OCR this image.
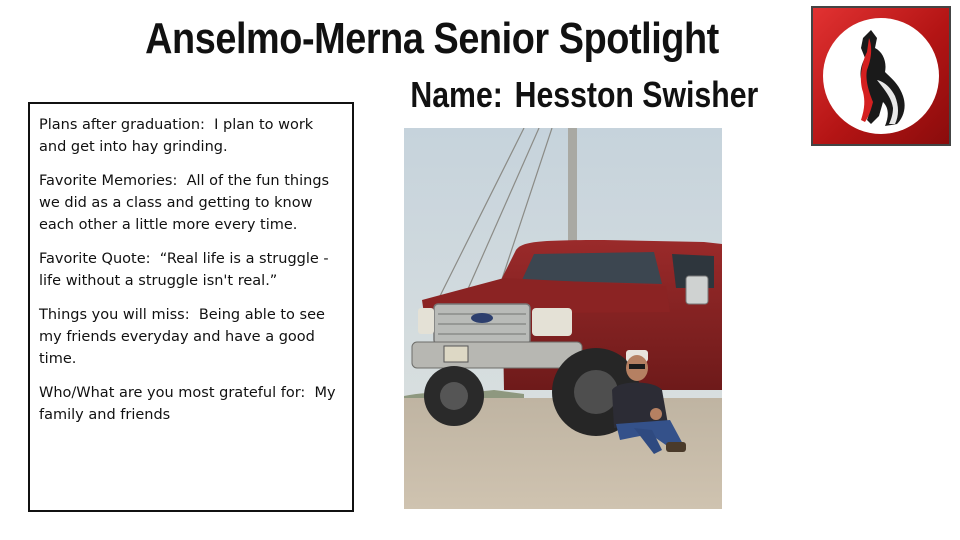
Anselmo-Merna Senior Spotlight
Name: Hesston Swisher

Plans after graduation: I plan to work and get into hay grinding.

Favorite Memories: All of the fun things we did as a class and getting to know each other a little more every time.

Favorite Quote: “Real life is a struggle - life without a struggle isn't real.”

Things you will miss: Being able to see my friends everyday and have a good time.

Who/What are you most grateful for: My family and friends
